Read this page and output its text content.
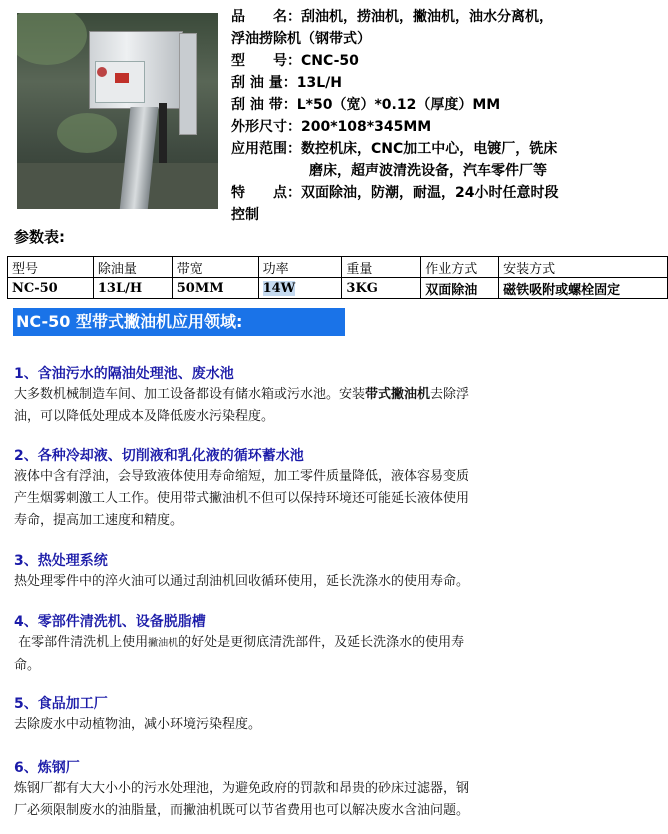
品　　名：刮油机，捞油机，撇油机，油水分离机，
浮油捞除机（钢带式）
型　　号：CNC-50
刮 油 量：13L/H
刮 油 带：L*50（宽）*0.12（厚度）MM
外形尺寸：200*108*345MM
应用范围：数控机床，CNC加工中心，电镀厂，铣床
磨床，超声波清洗设备，汽车零件厂等
特　　点：双面除油，防潮，耐温，24小时任意时段
控制
参数表:
型号	除油量	带宽	功率	重量	作业方式	安装方式
NC-50	13L/H	50MM	14W	3KG	双面除油	磁铁吸附或螺栓固定
NC-50 型带式撇油机应用领域:
1、含油污水的隔油处理池、废水池
大多数机械制造车间、加工设备都设有储水箱或污水池。安装带式撇油机去除浮
油，可以降低处理成本及降低废水污染程度。
2、各种冷却液、切削液和乳化液的循环蓄水池
液体中含有浮油，会导致液体使用寿命缩短，加工零件质量降低，液体容易变质
产生烟雾刺激工人工作。使用带式撇油机不但可以保持环境还可能延长液体使用
寿命，提高加工速度和精度。
3、热处理系统
热处理零件中的淬火油可以通过刮油机回收循环使用，延长洗涤水的使用寿命。
4、零部件清洗机、设备脱脂槽
在零部件清洗机上使用撇油机的好处是更彻底清洗部件，及延长洗涤水的使用寿
命。
5、食品加工厂
去除废水中动植物油，减小环境污染程度。
6、炼钢厂
炼钢厂都有大大小小的污水处理池，为避免政府的罚款和昂贵的砂床过滤器，钢
厂必须限制废水的油脂量，而撇油机既可以节省费用也可以解决废水含油问题。
